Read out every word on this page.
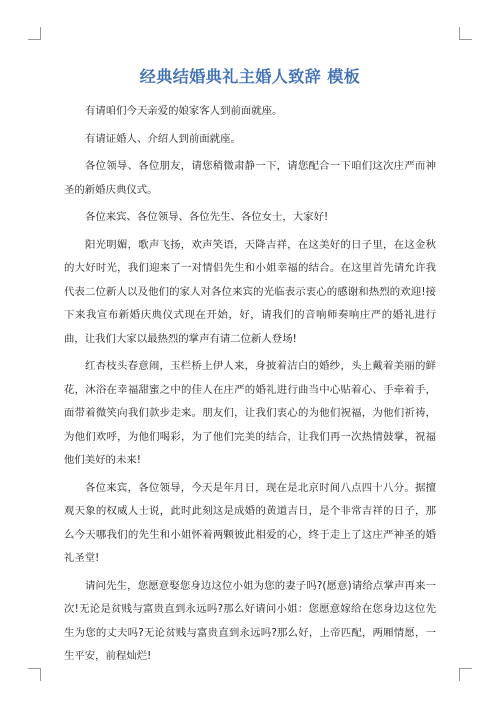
经典结婚典礼主婚人致辞 模板

有请咱们今天亲爱的娘家客人到前面就座。

有请证婚人、介绍人到前面就座。

各位领导、各位朋友，请您稍微肃静一下，请您配合一下咱们这次庄严而神圣的新婚庆典仪式。

各位来宾、各位领导、各位先生、各位女士，大家好!

阳光明媚，歌声飞扬，欢声笑语，天降吉祥，在这美好的日子里，在这金秋的大好时光，我们迎来了一对情侣先生和小姐幸福的结合。在这里首先请允许我代表二位新人以及他们的家人对各位来宾的光临表示衷心的感谢和热烈的欢迎!接下来我宣布新婚庆典仪式现在开始，好，请我们的音响师奏响庄严的婚礼进行曲，让我们大家以最热烈的掌声有请二位新人登场!

红杏枝头春意闹，玉栏桥上伊人来，身披着洁白的婚纱，头上戴着美丽的鲜花，沐浴在幸福甜蜜之中的佳人在庄严的婚礼进行曲当中心贴着心、手牵着手，面带着微笑向我们款步走来。朋友们，让我们衷心的为他们祝福，为他们祈祷，为他们欢呼，为他们喝彩，为了他们完美的结合，让我们再一次热情鼓掌，祝福他们美好的未来!

各位来宾，各位领导，今天是年月日，现在是北京时间八点四十八分。据擅观天象的权威人士说，此时此刻这是成婚的黄道吉日，是个非常吉祥的日子，那么今天哪我们的先生和小姐怀着两颗彼此相爱的心，终于走上了这庄严神圣的婚礼圣堂!

请问先生，您愿意娶您身边这位小姐为您的妻子吗?(愿意)请给点掌声再来一次!无论是贫贱与富贵直到永远吗?那么好请问小姐：您愿意嫁给在您身边这位先生为您的丈夫吗?无论贫贱与富贵直到永远吗?那么好，上帝匹配，两厢情愿，一生平安，前程灿烂!
